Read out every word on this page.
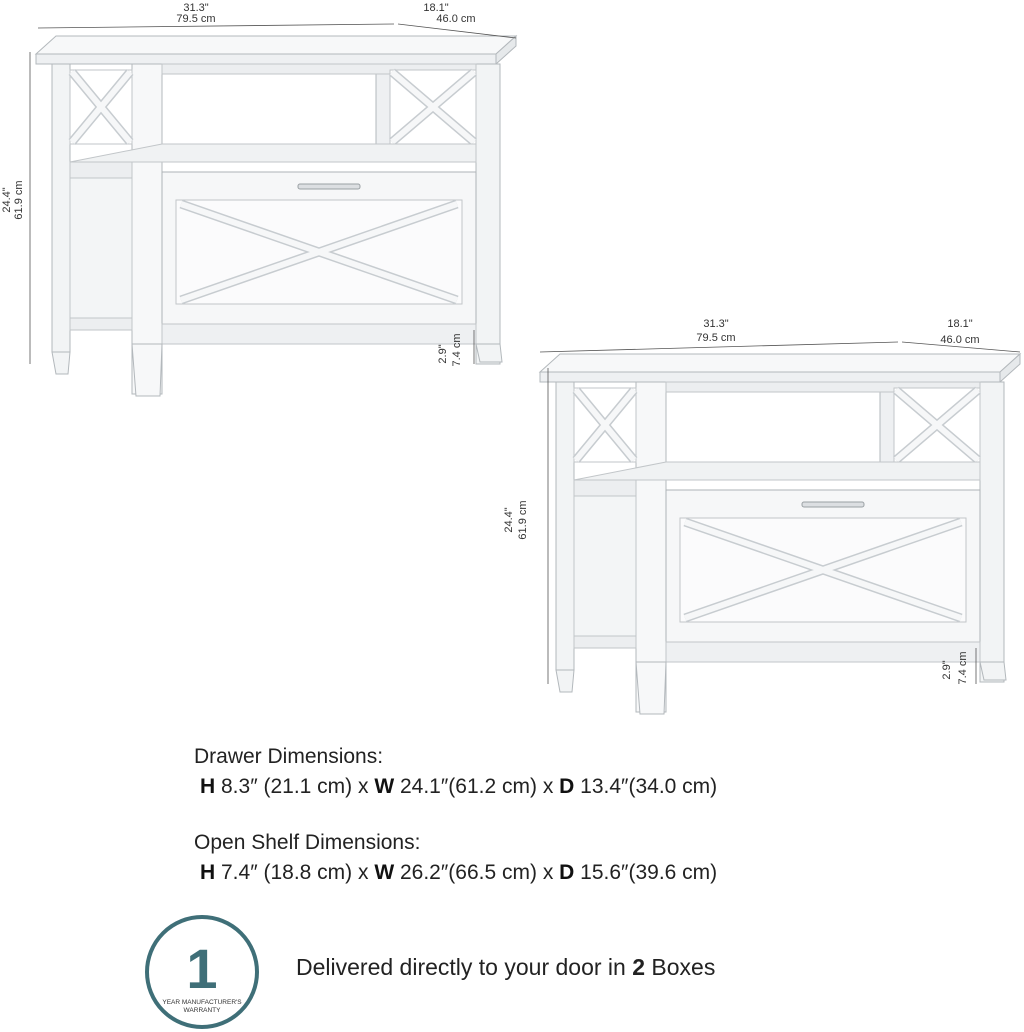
31.3"
79.5 cm
18.1"
46.0 cm
24.4" 61.9 cm
2.9" 7.4 cm
31.3"
79.5 cm
18.1"
46.0 cm
24.4" 61.9 cm
2.9" 7.4 cm
Drawer Dimensions:
H 8.3″ (21.1 cm) x W 24.1″(61.2 cm) x D 13.4″(34.0 cm)
Open Shelf Dimensions:
H 7.4″ (18.8 cm) x W 26.2″(66.5 cm) x D 15.6″(39.6 cm)
1
YEAR MANUFACTURER'S
WARRANTY
Delivered directly to your door in 2 Boxes
